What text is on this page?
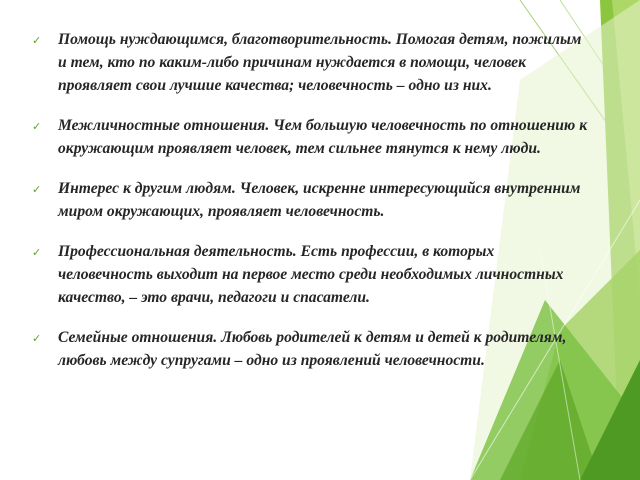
✓ Помощь нуждающимся, благотворительность. Помогая детям, пожилым и тем, кто по каким-либо причинам нуждается в помощи, человек проявляет свои лучшие качества; человечность – одно из них.
✓ Межличностные отношения. Чем большую человечность по отношению к окружающим проявляет человек, тем сильнее тянутся к нему люди.
✓ Интерес к другим людям. Человек, искренне интересующийся внутренним миром окружающих, проявляет человечность.
✓ Профессиональная деятельность. Есть профессии, в которых человечность выходит на первое место среди необходимых личностных качество, – это врачи, педагоги и спасатели.
✓ Семейные отношения. Любовь родителей к детям и детей к родителям, любовь между супругами – одно из проявлений человечности.
